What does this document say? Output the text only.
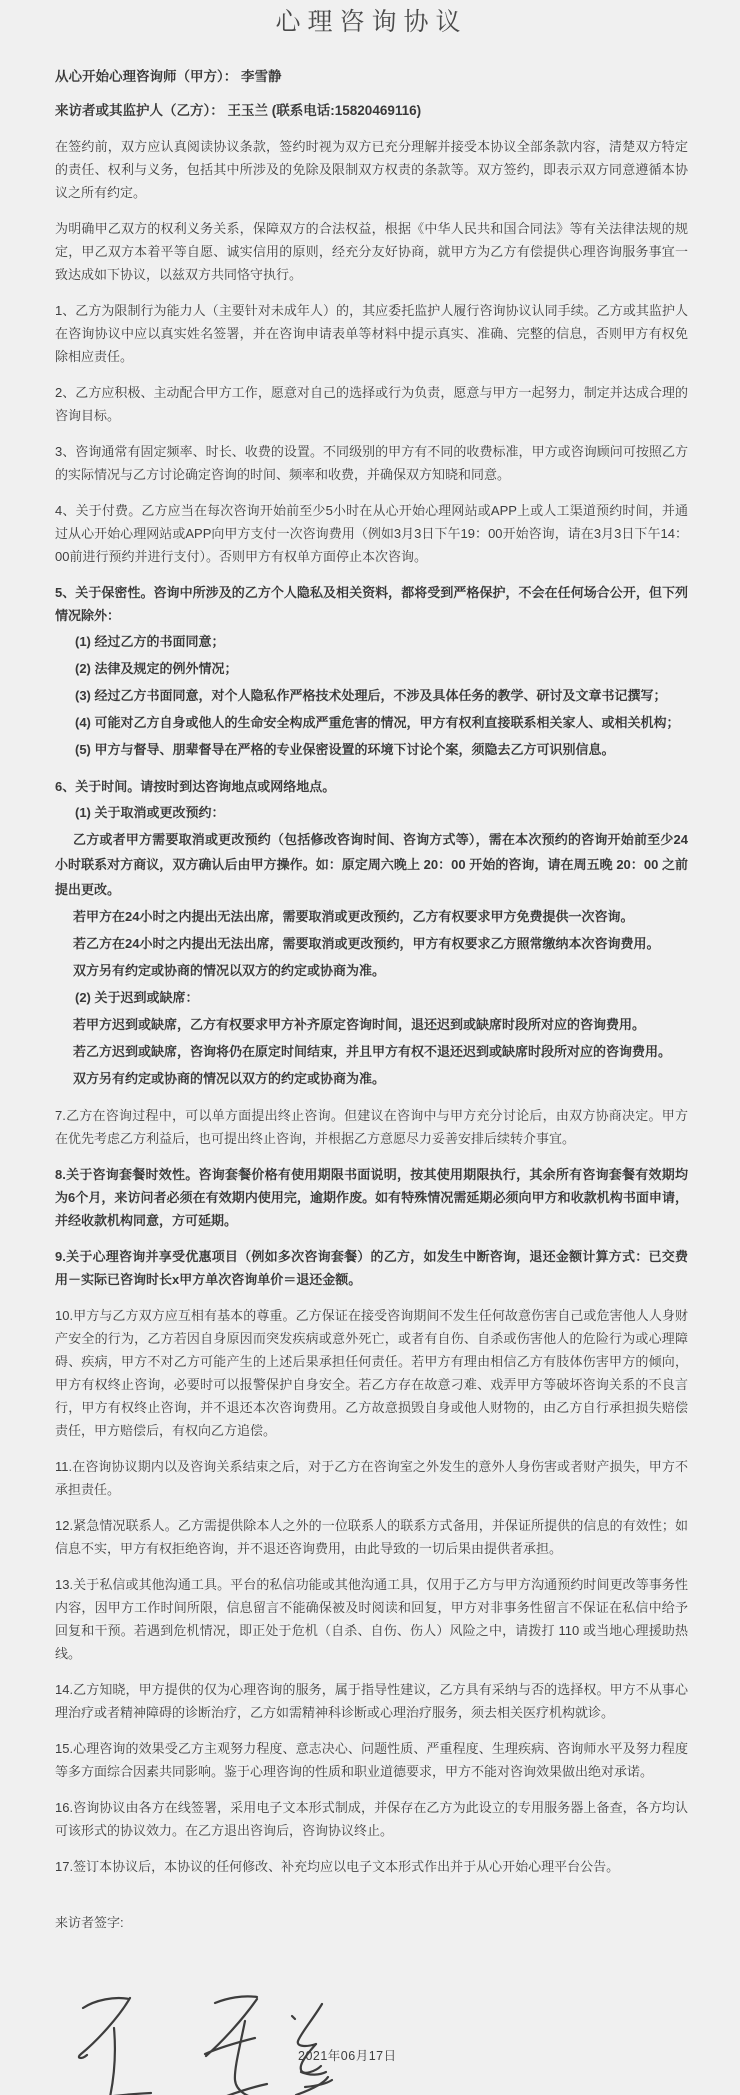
心理咨询协议

从心开始心理咨询师（甲方）： 李雪静

来访者或其监护人（乙方）： 王玉兰 (联系电话:15820469116)

在签约前，双方应认真阅读协议条款，签约时视为双方已充分理解并接受本协议全部条款内容，清楚双方特定的责任、权利与义务，包括其中所涉及的免除及限制双方权责的条款等。双方签约，即表示双方同意遵循本协议之所有约定。

为明确甲乙双方的权利义务关系，保障双方的合法权益，根据《中华人民共和国合同法》等有关法律法规的规定，甲乙双方本着平等自愿、诚实信用的原则，经充分友好协商，就甲方为乙方有偿提供心理咨询服务事宜一致达成如下协议，以兹双方共同恪守执行。

1、乙方为限制行为能力人（主要针对未成年人）的，其应委托监护人履行咨询协议认同手续。乙方或其监护人在咨询协议中应以真实姓名签署，并在咨询申请表单等材料中提示真实、准确、完整的信息，否则甲方有权免除相应责任。

2、乙方应积极、主动配合甲方工作，愿意对自己的选择或行为负责，愿意与甲方一起努力，制定并达成合理的咨询目标。

3、咨询通常有固定频率、时长、收费的设置。不同级别的甲方有不同的收费标准，甲方或咨询顾问可按照乙方的实际情况与乙方讨论确定咨询的时间、频率和收费，并确保双方知晓和同意。

4、关于付费。乙方应当在每次咨询开始前至少5小时在从心开始心理网站或APP上或人工渠道预约时间，并通过从心开始心理网站或APP向甲方支付一次咨询费用（例如3月3日下午19：00开始咨询，请在3月3日下午14：00前进行预约并进行支付）。否则甲方有权单方面停止本次咨询。

5、关于保密性。咨询中所涉及的乙方个人隐私及相关资料，都将受到严格保护，不会在任何场合公开，但下列情况除外：

(1) 经过乙方的书面同意；

(2) 法律及规定的例外情况；

(3) 经过乙方书面同意，对个人隐私作严格技术处理后，不涉及具体任务的教学、研讨及文章书记撰写；

(4) 可能对乙方自身或他人的生命安全构成严重危害的情况，甲方有权利直接联系相关家人、或相关机构；

(5) 甲方与督导、朋辈督导在严格的专业保密设置的环境下讨论个案，须隐去乙方可识别信息。

6、关于时间。请按时到达咨询地点或网络地点。

(1) 关于取消或更改预约：

乙方或者甲方需要取消或更改预约（包括修改咨询时间、咨询方式等），需在本次预约的咨询开始前至少24小时联系对方商议，双方确认后由甲方操作。如：原定周六晚上 20：00 开始的咨询，请在周五晚 20：00 之前提出更改。

若甲方在24小时之内提出无法出席，需要取消或更改预约，乙方有权要求甲方免费提供一次咨询。

若乙方在24小时之内提出无法出席，需要取消或更改预约，甲方有权要求乙方照常缴纳本次咨询费用。

双方另有约定或协商的情况以双方的约定或协商为准。

(2) 关于迟到或缺席：

若甲方迟到或缺席，乙方有权要求甲方补齐原定咨询时间，退还迟到或缺席时段所对应的咨询费用。

若乙方迟到或缺席，咨询将仍在原定时间结束，并且甲方有权不退还迟到或缺席时段所对应的咨询费用。

双方另有约定或协商的情况以双方的约定或协商为准。

7.乙方在咨询过程中，可以单方面提出终止咨询。但建议在咨询中与甲方充分讨论后，由双方协商决定。甲方在优先考虑乙方利益后，也可提出终止咨询，并根据乙方意愿尽力妥善安排后续转介事宜。

8.关于咨询套餐时效性。咨询套餐价格有使用期限书面说明，按其使用期限执行，其余所有咨询套餐有效期均为6个月，来访问者必须在有效期内使用完，逾期作废。如有特殊情况需延期必须向甲方和收款机构书面申请，并经收款机构同意，方可延期。

9.关于心理咨询并享受优惠项目（例如多次咨询套餐）的乙方，如发生中断咨询，退还金额计算方式：已交费用－实际已咨询时长x甲方单次咨询单价＝退还金额。

10.甲方与乙方双方应互相有基本的尊重。乙方保证在接受咨询期间不发生任何故意伤害自己或危害他人人身财产安全的行为，乙方若因自身原因而突发疾病或意外死亡，或者有自伤、自杀或伤害他人的危险行为或心理障碍、疾病，甲方不对乙方可能产生的上述后果承担任何责任。若甲方有理由相信乙方有肢体伤害甲方的倾向，甲方有权终止咨询，必要时可以报警保护自身安全。若乙方存在故意刁难、戏弄甲方等破坏咨询关系的不良言行，甲方有权终止咨询，并不退还本次咨询费用。乙方故意损毁自身或他人财物的，由乙方自行承担损失赔偿责任，甲方赔偿后，有权向乙方追偿。

11.在咨询协议期内以及咨询关系结束之后，对于乙方在咨询室之外发生的意外人身伤害或者财产损失，甲方不承担责任。

12.紧急情况联系人。乙方需提供除本人之外的一位联系人的联系方式备用，并保证所提供的信息的有效性；如信息不实，甲方有权拒绝咨询，并不退还咨询费用，由此导致的一切后果由提供者承担。

13.关于私信或其他沟通工具。平台的私信功能或其他沟通工具，仅用于乙方与甲方沟通预约时间更改等事务性内容，因甲方工作时间所限，信息留言不能确保被及时阅读和回复，甲方对非事务性留言不保证在私信中给予回复和干预。若遇到危机情况，即正处于危机（自杀、自伤、伤人）风险之中，请拨打 110 或当地心理援助热线。

14.乙方知晓，甲方提供的仅为心理咨询的服务，属于指导性建议，乙方具有采纳与否的选择权。甲方不从事心理治疗或者精神障碍的诊断治疗，乙方如需精神科诊断或心理治疗服务，须去相关医疗机构就诊。

15.心理咨询的效果受乙方主观努力程度、意志决心、问题性质、严重程度、生理疾病、咨询师水平及努力程度等多方面综合因素共同影响。鉴于心理咨询的性质和职业道德要求，甲方不能对咨询效果做出绝对承诺。

16.咨询协议由各方在线签署，采用电子文本形式制成，并保存在乙方为此设立的专用服务器上备查，各方均认可该形式的协议效力。在乙方退出咨询后，咨询协议终止。

17.签订本协议后，本协议的任何修改、补充均应以电子文本形式作出并于从心开始心理平台公告。

来访者签字:

2021年06月17日
